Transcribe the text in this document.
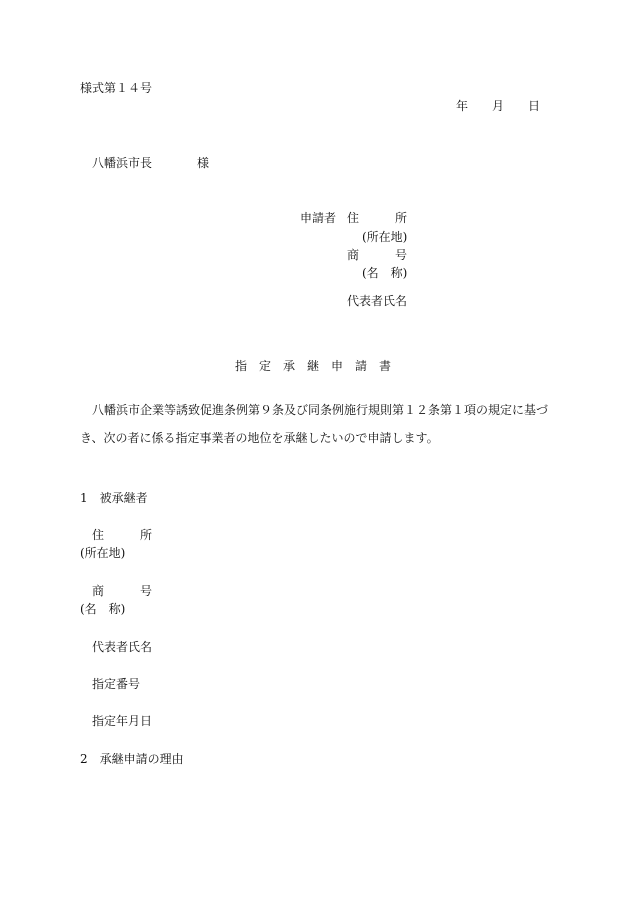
様式第１４号
年 月 日
八幡浜市長	様
申請者 住　　　所
(所在地)
商　　　号
(名　称)
代表者氏名
指　定　承　継　申　請　書
八幡浜市企業等誘致促進条例第９条及び同条例施行規則第１２条第１項の規定に基づ
き、次の者に係る指定事業者の地位を承継したいので申請します。
1　被承継者
住　　　所
(所在地)
商　　　号
(名　称)
代表者氏名
指定番号
指定年月日
2　承継申請の理由
